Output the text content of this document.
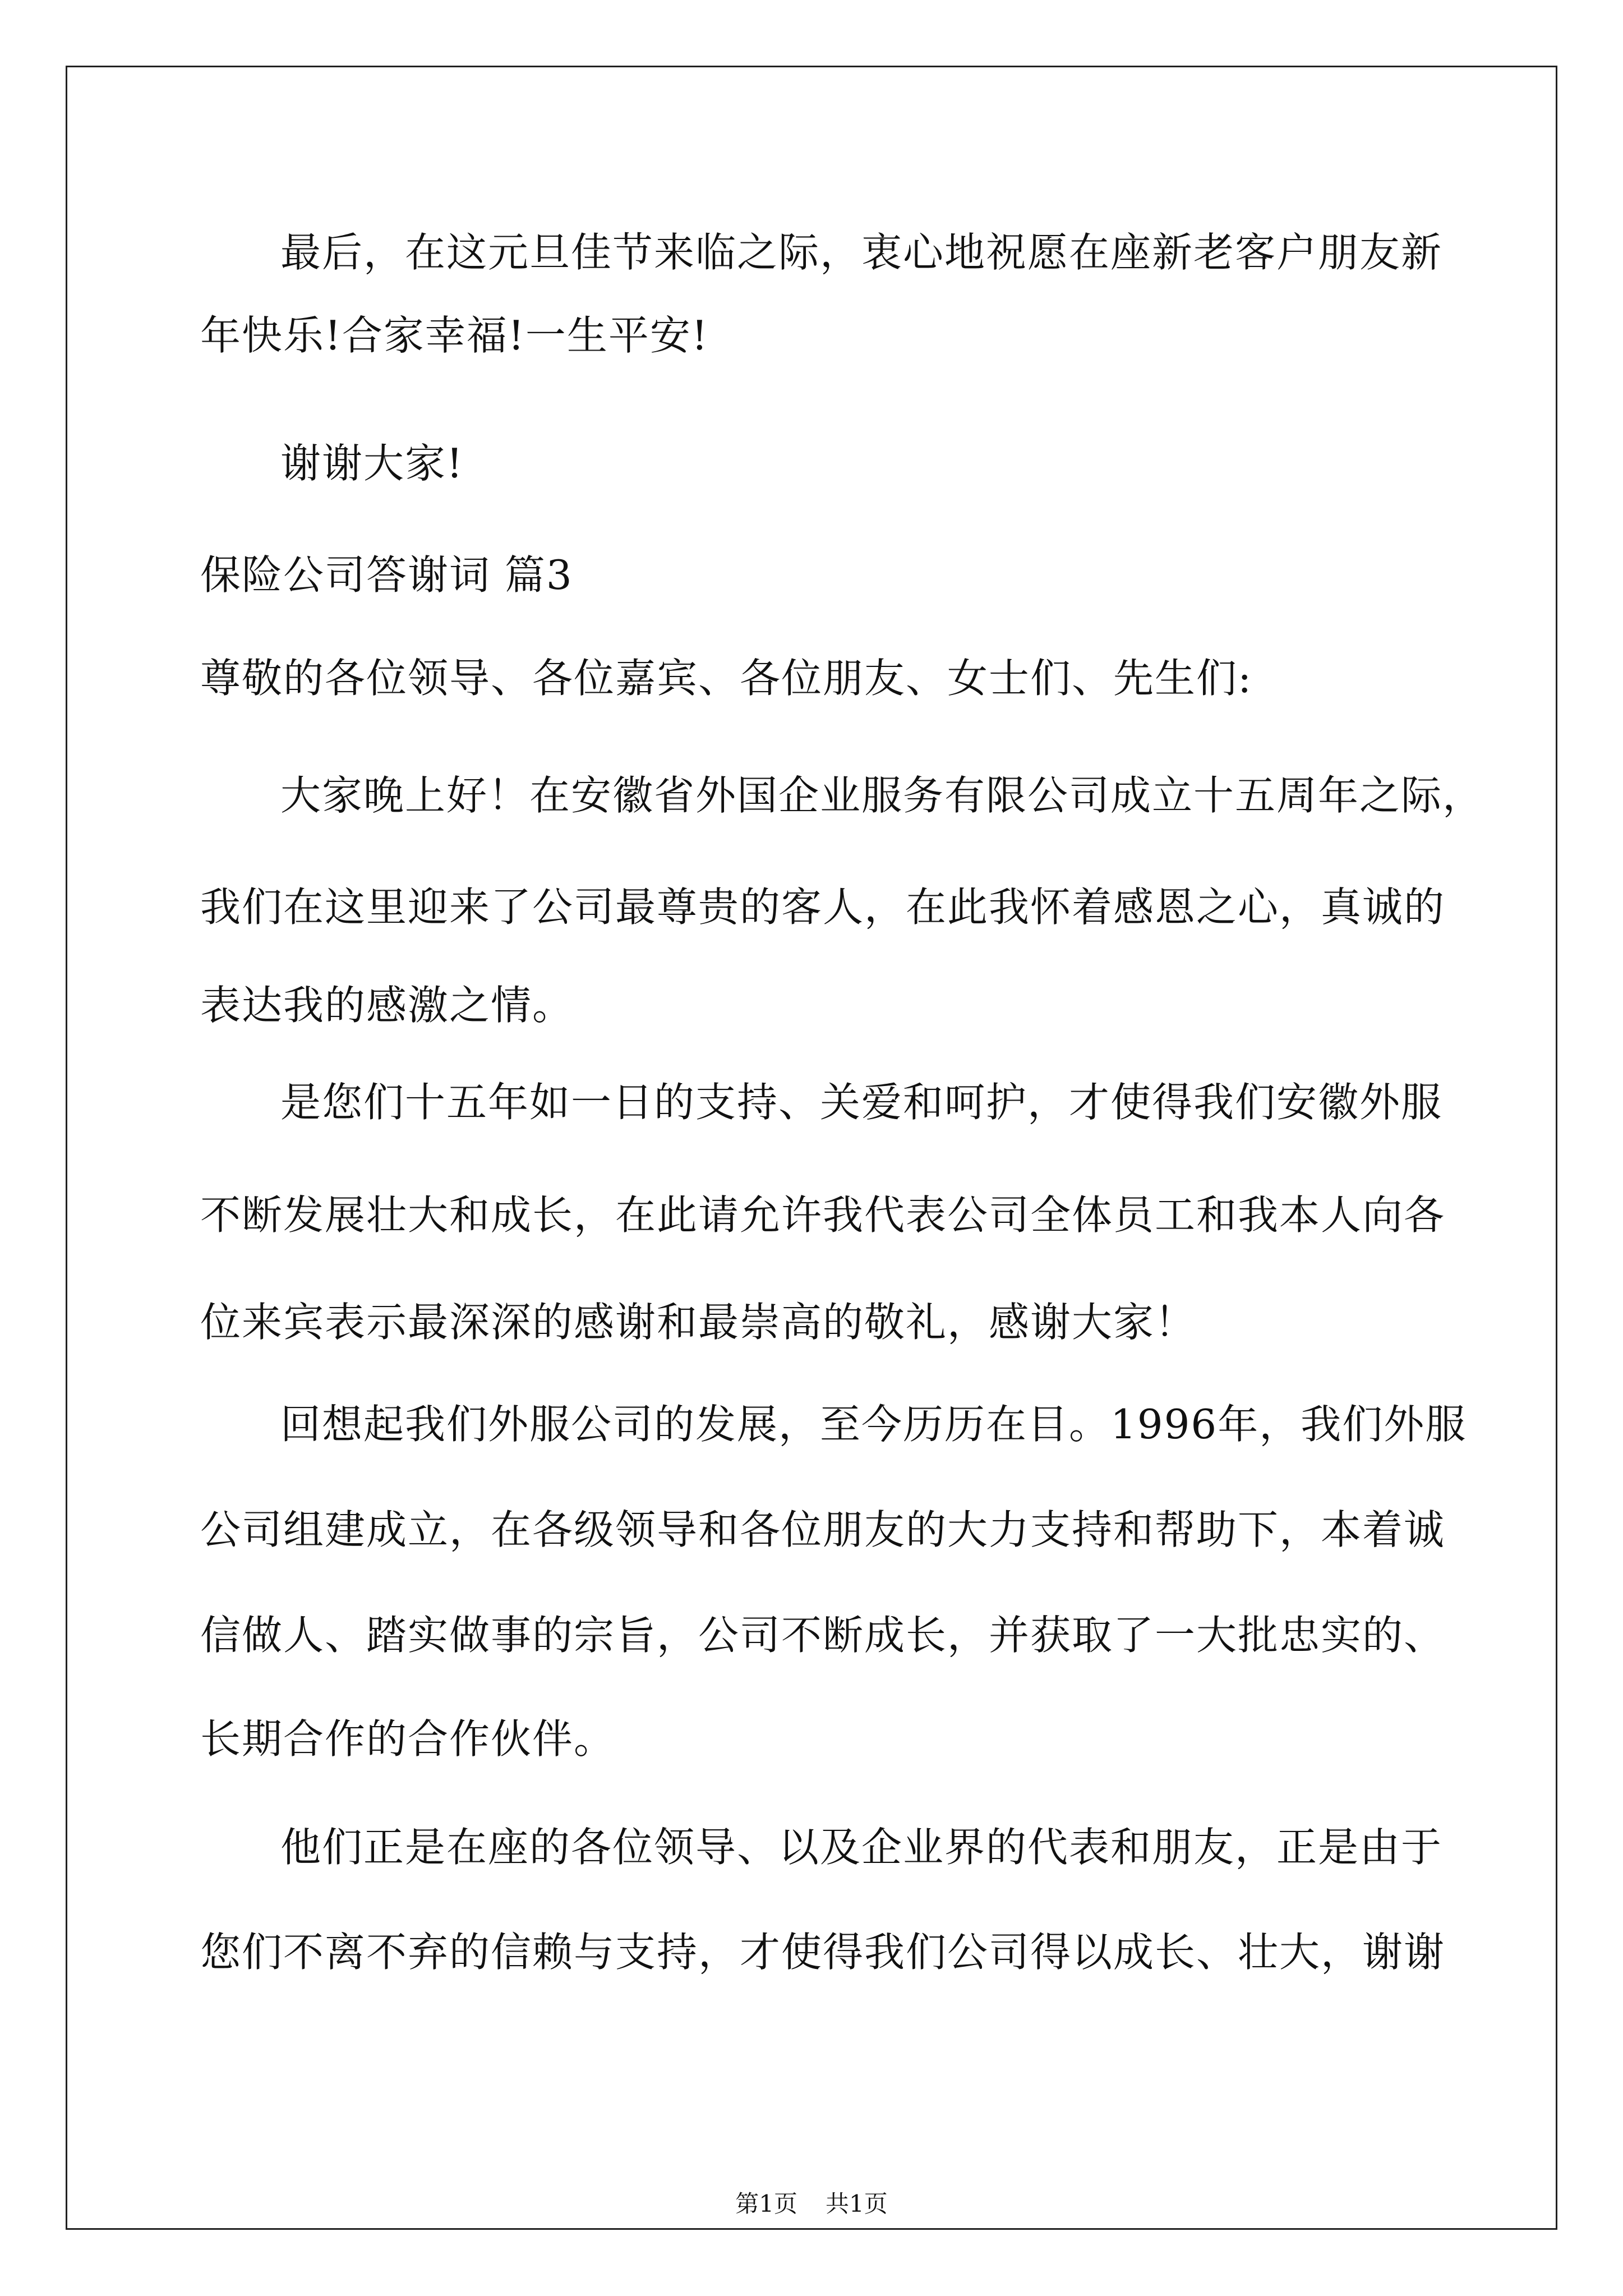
最后，在这元旦佳节来临之际，衷心地祝愿在座新老客户朋友新

年快乐!合家幸福!一生平安!

谢谢大家!

保险公司答谢词 篇3

尊敬的各位领导、各位嘉宾、各位朋友、女士们、先生们:

大家晚上好！在安徽省外国企业服务有限公司成立十五周年之际，

我们在这里迎来了公司最尊贵的客人，在此我怀着感恩之心，真诚的

表达我的感激之情。

是您们十五年如一日的支持、关爱和呵护，才使得我们安徽外服

不断发展壮大和成长，在此请允许我代表公司全体员工和我本人向各

位来宾表示最深深的感谢和最崇高的敬礼，感谢大家！

回想起我们外服公司的发展，至今历历在目。1996年，我们外服

公司组建成立，在各级领导和各位朋友的大力支持和帮助下，本着诚

信做人、踏实做事的宗旨，公司不断成长，并获取了一大批忠实的、

长期合作的合作伙伴。

他们正是在座的各位领导、以及企业界的代表和朋友，正是由于

您们不离不弃的信赖与支持，才使得我们公司得以成长、壮大，谢谢

第1页 共1页
